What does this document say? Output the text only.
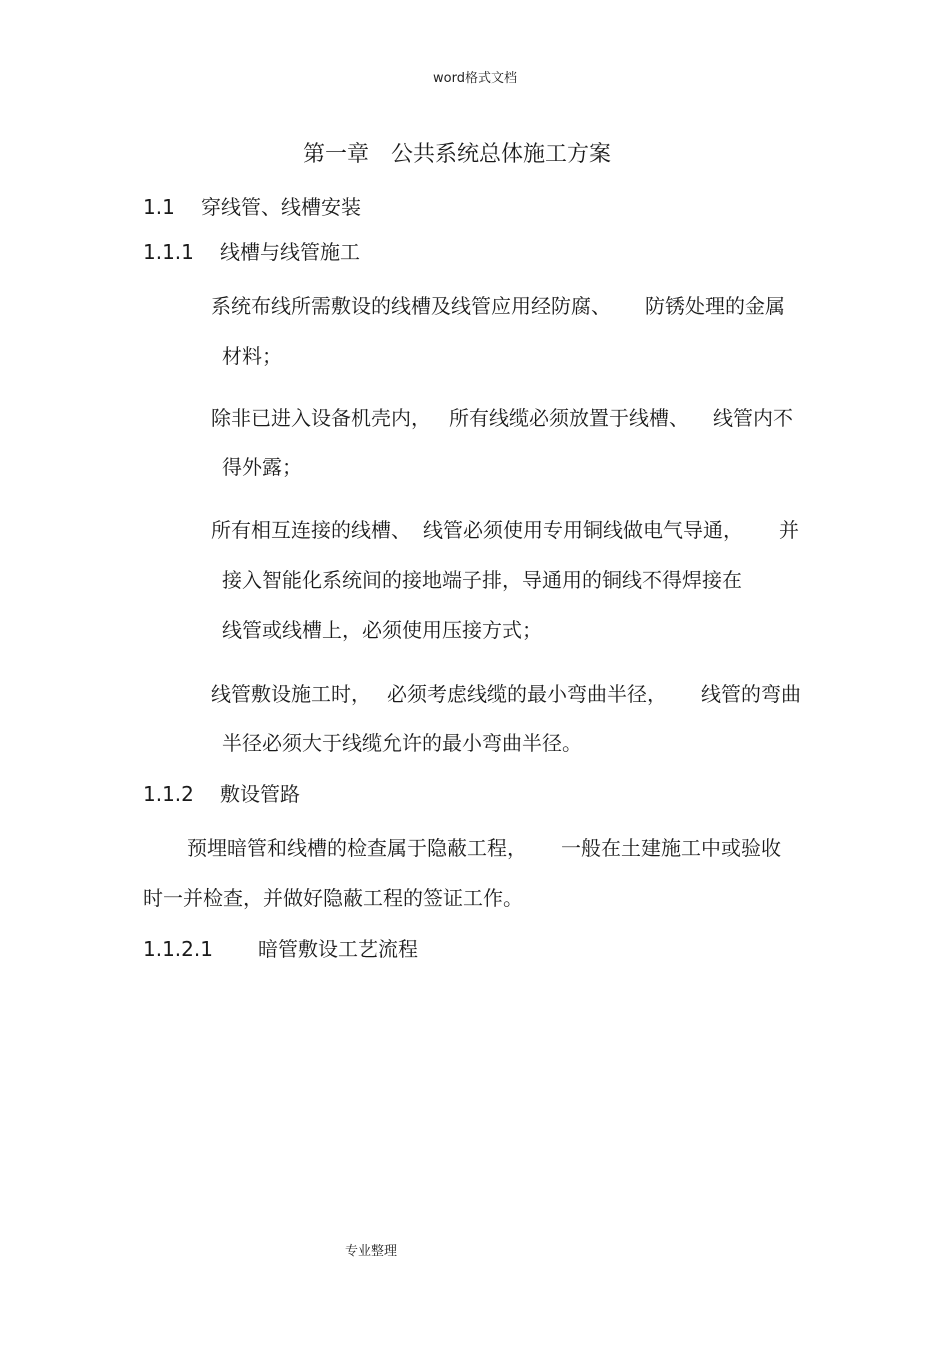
word格式文档
第一章 公共系统总体施工方案
1.1 穿线管、线槽安装
1.1.1 线槽与线管施工
系统布线所需敷设的线槽及线管应用经防腐、 防锈处理的金属
材料；
除非已进入设备机壳内， 所有线缆必须放置于线槽、 线管内不
得外露；
所有相互连接的线槽、 线管必须使用专用铜线做电气导通， 并
接入智能化系统间的接地端子排，导通用的铜线不得焊接在
线管或线槽上，必须使用压接方式；
线管敷设施工时， 必须考虑线缆的最小弯曲半径， 线管的弯曲
半径必须大于线缆允许的最小弯曲半径。
1.1.2 敷设管路
预埋暗管和线槽的检查属于隐蔽工程， 一般在土建施工中或验收
时一并检查，并做好隐蔽工程的签证工作。
1.1.2.1 暗管敷设工艺流程
专业整理
